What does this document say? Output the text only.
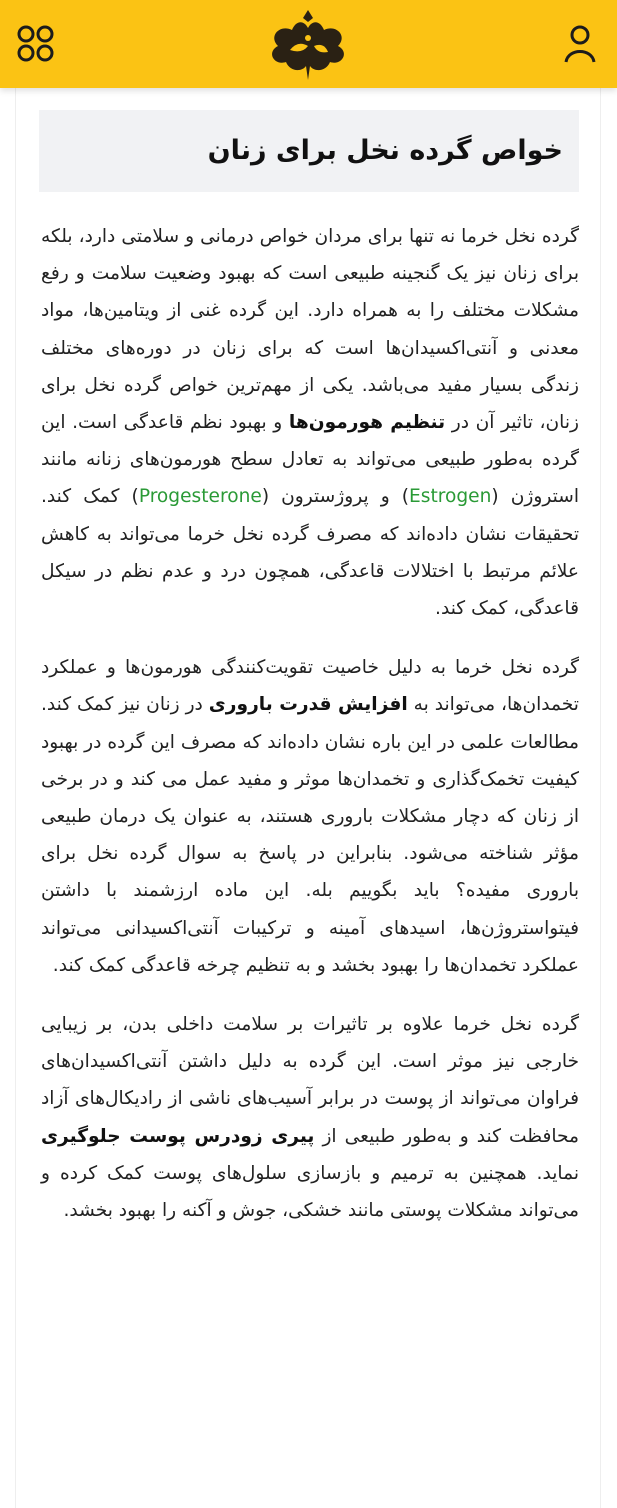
خواص گرده نخل برای زنان

گرده نخل خرما نه تنها برای مردان خواص درمانی و سلامتی دارد، بلکه برای زنان نیز یک گنجینه طبیعی است که بهبود وضعیت سلامت و رفع مشکلات مختلف را به همراه دارد. این گرده غنی از ویتامین‌ها، مواد معدنی و آنتی‌اکسیدان‌ها است که برای زنان در دوره‌های مختلف زندگی بسیار مفید می‌باشد. یکی از مهم‌ترین خواص گرده نخل برای زنان، تاثیر آن در تنظیم هورمون‌ها و بهبود نظم قاعدگی است. این گرده به‌طور طبیعی می‌تواند به تعادل سطح هورمون‌های زنانه مانند استروژن (Estrogen) و پروژسترون (Progesterone) کمک کند. تحقیقات نشان داده‌اند که مصرف گرده نخل خرما می‌تواند به کاهش علائم مرتبط با اختلالات قاعدگی، همچون درد و عدم نظم در سیکل قاعدگی، کمک کند.

گرده نخل خرما به دلیل خاصیت تقویت‌کنندگی هورمون‌ها و عملکرد تخمدان‌ها، می‌تواند به افزایش قدرت باروری در زنان نیز کمک کند. مطالعات علمی در این باره نشان داده‌اند که مصرف این گرده در بهبود کیفیت تخمک‌گذاری و تخمدان‌ها موثر و مفید عمل می کند و در برخی از زنان که دچار مشکلات باروری هستند، به عنوان یک درمان طبیعی مؤثر شناخته می‌شود. بنابراین در پاسخ به سوال گرده نخل برای باروری مفیده؟ باید بگوییم بله. این ماده ارزشمند با داشتن فیتواستروژن‌ها، اسیدهای آمینه و ترکیبات آنتی‌اکسیدانی می‌تواند عملکرد تخمدان‌ها را بهبود بخشد و به تنظیم چرخه قاعدگی کمک کند.

گرده نخل خرما علاوه بر تاثیرات بر سلامت داخلی بدن، بر زیبایی خارجی نیز موثر است. این گرده به دلیل داشتن آنتی‌اکسیدان‌های فراوان می‌تواند از پوست در برابر آسیب‌های ناشی از رادیکال‌های آزاد محافظت کند و به‌طور طبیعی از پیری زودرس پوست جلوگیری نماید. همچنین به ترمیم و بازسازی سلول‌های پوست کمک کرده و می‌تواند مشکلات پوستی مانند خشکی، جوش و آکنه را بهبود بخشد.
